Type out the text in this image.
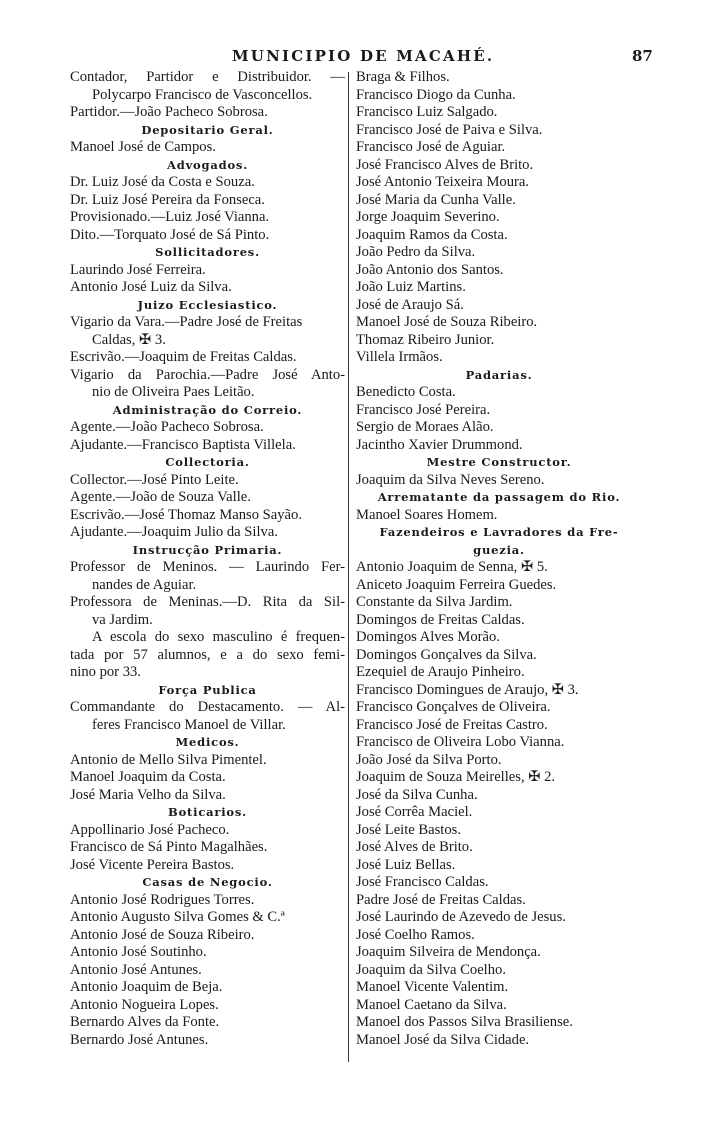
MUNICIPIO DE MACAHÉ.	87
Contador, Partidor e Distribuidor. —
Polycarpo Francisco de Vasconcellos.
Partidor.—João Pacheco Sobrosa.
Depositario Geral.
Manoel José de Campos.
Advogados.
Dr. Luiz José da Costa e Souza.
Dr. Luiz José Pereira da Fonseca.
Provisionado.—Luiz José Vianna.
Dito.—Torquato José de Sá Pinto.
Sollicitadores.
Laurindo José Ferreira.
Antonio José Luiz da Silva.
Juizo Ecclesiastico.
Vigario da Vara.—Padre José de Freitas
Caldas, ✠ 3.
Escrivão.—Joaquim de Freitas Caldas.
Vigario da Parochia.—Padre José Anto-
nio de Oliveira Paes Leitão.
Administração do Correio.
Agente.—João Pacheco Sobrosa.
Ajudante.—Francisco Baptista Villela.
Collectoria.
Collector.—José Pinto Leite.
Agente.—João de Souza Valle.
Escrivão.—José Thomaz Manso Sayão.
Ajudante.—Joaquim Julio da Silva.
Instrucção Primaria.
Professor de Meninos. — Laurindo Fer-
nandes de Aguiar.
Professora de Meninas.—D. Rita da Sil-
va Jardim.
A escola do sexo masculino é frequen-
tada por 57 alumnos, e a do sexo femi-
nino por 33.
Força Publica
Commandante do Destacamento. — Al-
feres Francisco Manoel de Villar.
Medicos.
Antonio de Mello Silva Pimentel.
Manoel Joaquim da Costa.
José Maria Velho da Silva.
Boticarios.
Appollinario José Pacheco.
Francisco de Sá Pinto Magalhães.
José Vicente Pereira Bastos.
Casas de Negocio.
Antonio José Rodrigues Torres.
Antonio Augusto Silva Gomes & C.ª
Antonio José de Souza Ribeiro.
Antonio José Soutinho.
Antonio José Antunes.
Antonio Joaquim de Beja.
Antonio Nogueira Lopes.
Bernardo Alves da Fonte.
Bernardo José Antunes.
Braga & Filhos.
Francisco Diogo da Cunha.
Francisco Luiz Salgado.
Francisco José de Paiva e Silva.
Francisco José de Aguiar.
José Francisco Alves de Brito.
José Antonio Teixeira Moura.
José Maria da Cunha Valle.
Jorge Joaquim Severino.
Joaquim Ramos da Costa.
João Pedro da Silva.
João Antonio dos Santos.
João Luiz Martins.
José de Araujo Sá.
Manoel José de Souza Ribeiro.
Thomaz Ribeiro Junior.
Villela Irmãos.
Padarias.
Benedicto Costa.
Francisco José Pereira.
Sergio de Moraes Alão.
Jacintho Xavier Drummond.
Mestre Constructor.
Joaquim da Silva Neves Sereno.
Arrematante da passagem do Rio.
Manoel Soares Homem.
Fazendeiros e Lavradores da Fre-
guezia.
Antonio Joaquim de Senna, ✠ 5.
Aniceto Joaquim Ferreira Guedes.
Constante da Silva Jardim.
Domingos de Freitas Caldas.
Domingos Alves Morão.
Domingos Gonçalves da Silva.
Ezequiel de Araujo Pinheiro.
Francisco Domingues de Araujo, ✠ 3.
Francisco Gonçalves de Oliveira.
Francisco José de Freitas Castro.
Francisco de Oliveira Lobo Vianna.
João José da Silva Porto.
Joaquim de Souza Meirelles, ✠ 2.
José da Silva Cunha.
José Corrêa Maciel.
José Leite Bastos.
José Alves de Brito.
José Luiz Bellas.
José Francisco Caldas.
Padre José de Freitas Caldas.
José Laurindo de Azevedo de Jesus.
José Coelho Ramos.
Joaquim Silveira de Mendonça.
Joaquim da Silva Coelho.
Manoel Vicente Valentim.
Manoel Caetano da Silva.
Manoel dos Passos Silva Brasiliense.
Manoel José da Silva Cidade.
